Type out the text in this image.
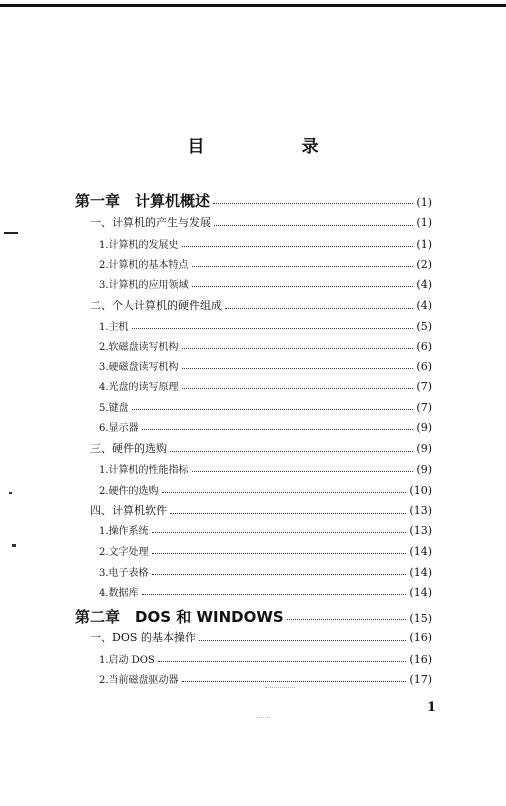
目　录
第一章　计算机概述	(1)
一、计算机的产生与发展	(1)
1.计算机的发展史	(1)
2.计算机的基本特点	(2)
3.计算机的应用领域	(4)
二、个人计算机的硬件组成	(4)
1.主机	(5)
2.软磁盘读写机构	(6)
3.硬磁盘读写机构	(6)
4.光盘的读写原理	(7)
5.键盘	(7)
6.显示器	(9)
三、硬件的选购	(9)
1.计算机的性能指标	(9)
2.硬件的选购	(10)
四、计算机软件	(13)
1.操作系统	(13)
2.文字处理	(14)
3.电子表格	(14)
4.数据库	(14)
第二章　DOS 和 WINDOWS	(15)
一、DOS 的基本操作	(16)
1.启动 DOS	(16)
2.当前磁盘驱动器	(17)
1
